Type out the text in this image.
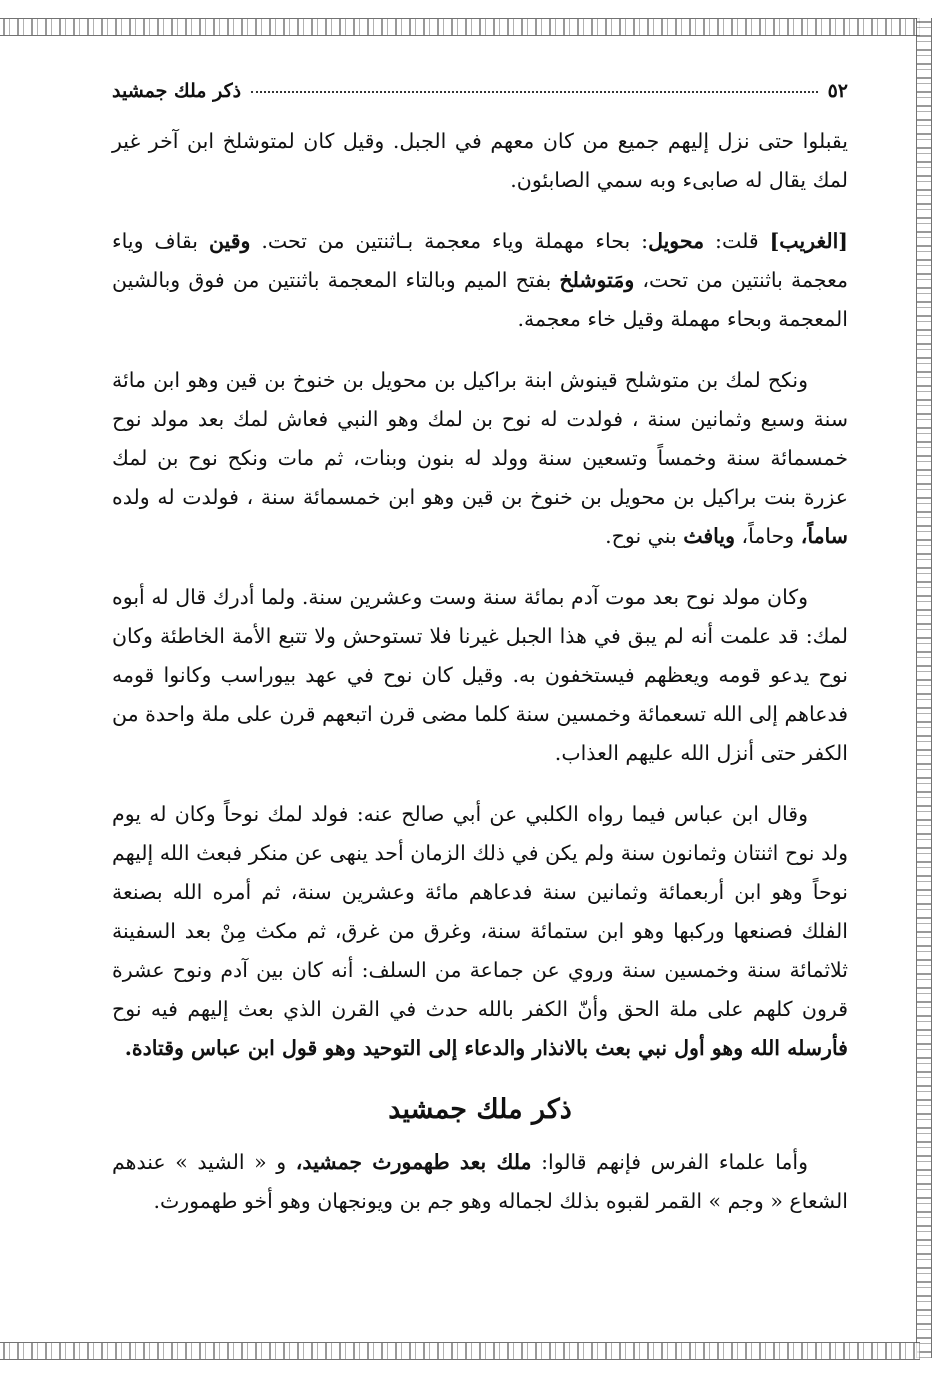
٥٢
ذكر ملك جمشيد

يقبلوا حتى نزل إليهم جميع من كان معهم في الجبل. وقيل كان لمتوشلخ ابن آخر غير لمك يقال له صابىء وبه سمي الصابئون.

[الغريب] قلت: محويل: بحاء مهملة وياء معجمة بـاثنتين من تحت. وقين بقاف وياء معجمة باثنتين من تحت، ومَتوشلخ بفتح الميم وبالتاء المعجمة باثنتين من فوق وبالشين المعجمة وبحاء مهملة وقيل خاء معجمة.

ونكح لمك بن متوشلح قينوش ابنة براكيل بن محويل بن خنوخ بن قين وهو ابن مائة سنة وسبع وثمانين سنة ، فولدت له نوح بن لمك وهو النبي فعاش لمك بعد مولد نوح خمسمائة سنة وخمساً وتسعين سنة وولد له بنون وبنات، ثم مات ونكح نوح بن لمك عزرة بنت براكيل بن محويل بن خنوخ بن قين وهو ابن خمسمائة سنة ، فولدت له ولده ساماً، وحاماً، ويافث بني نوح.

وكان مولد نوح بعد موت آدم بمائة سنة وست وعشرين سنة. ولما أدرك قال له أبوه لمك: قد علمت أنه لم يبق في هذا الجبل غيرنا فلا تستوحش ولا تتبع الأمة الخاطئة وكان نوح يدعو قومه ويعظهم فيستخفون به. وقيل كان نوح في عهد بيوراسب وكانوا قومه فدعاهم إلى الله تسعمائة وخمسين سنة كلما مضى قرن اتبعهم قرن على ملة واحدة من الكفر حتى أنزل الله عليهم العذاب.

وقال ابن عباس فيما رواه الكلبي عن أبي صالح عنه: فولد لمك نوحاً وكان له يوم ولد نوح اثنتان وثمانون سنة ولم يكن في ذلك الزمان أحد ينهى عن منكر فبعث الله إليهم نوحاً وهو ابن أربعمائة وثمانين سنة فدعاهم مائة وعشرين سنة، ثم أمره الله بصنعة الفلك فصنعها وركبها وهو ابن ستمائة سنة، وغرق من غرق، ثم مكث مِنْ بعد السفينة ثلاثمائة سنة وخمسين سنة وروي عن جماعة من السلف: أنه كان بين آدم ونوح عشرة قرون كلهم على ملة الحق وأنّ الكفر بالله حدث في القرن الذي بعث إليهم فيه نوح فأرسله الله وهو أول نبي بعث بالانذار والدعاء إلى التوحيد وهو قول ابن عباس وقتادة.

ذكر ملك جمشيد

وأما علماء الفرس فإنهم قالوا: ملك بعد طهمورث جمشيد، و « الشيد » عندهم الشعاع « وجم » القمر لقبوه بذلك لجماله وهو جم بن ويونجهان وهو أخو طهمورث.
